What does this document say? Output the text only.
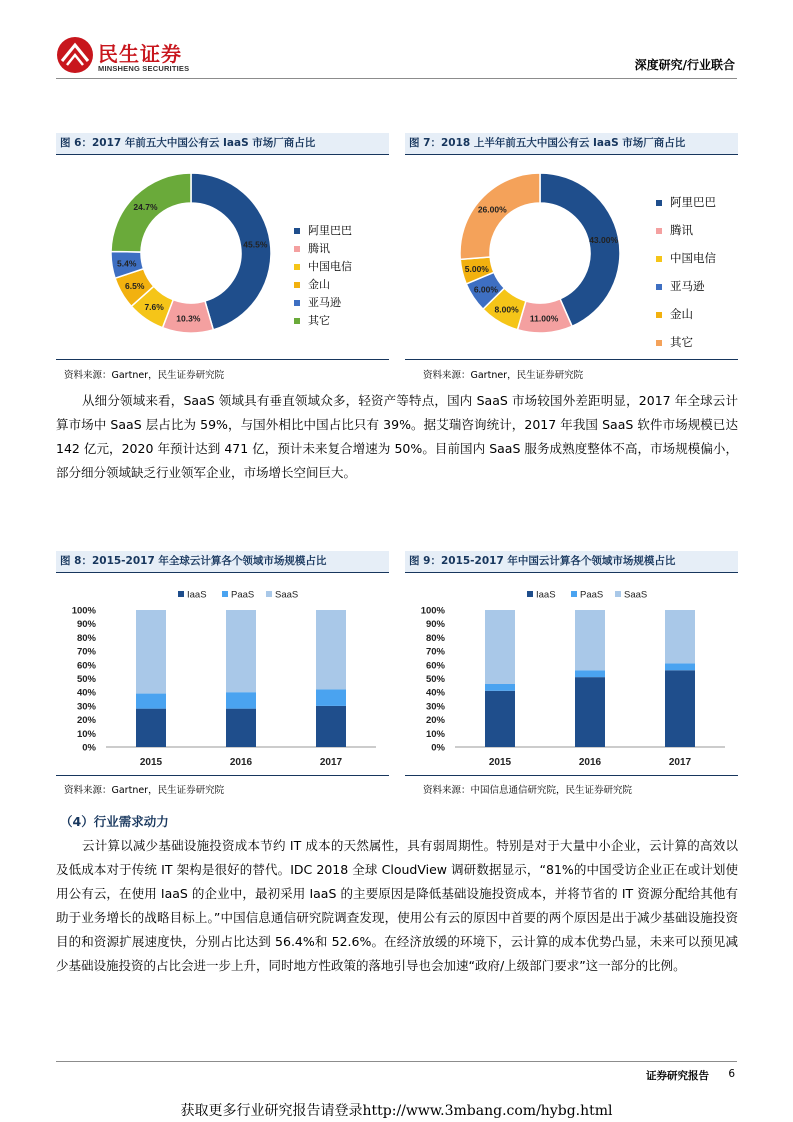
民生证券
MINSHENG SECURITIES	深度研究/行业联合
图 6：2017 年前五大中国公有云 IaaS 市场厂商占比
45.5%
10.3%
7.6%
6.5%
5.4%
24.7%
阿里巴巴
腾讯
中国电信
金山
亚马逊
其它
资料来源：Gartner，民生证券研究院
图 7：2018 上半年前五大中国公有云 IaaS 市场厂商占比
43.00%
11.00%
8.00%
6.00%
5.00%
26.00%
阿里巴巴
腾讯
中国电信
亚马逊
金山
其它
资料来源：Gartner，民生证券研究院
从细分领域来看，SaaS 领域具有垂直领域众多，轻资产等特点，国内 SaaS 市场较国外差距明显，2017 年全球云计算市场中 SaaS 层占比为 59%，与国外相比中国占比只有 39%。据艾瑞咨询统计，2017 年我国 SaaS 软件市场规模已达 142 亿元，2020 年预计达到 471 亿，预计未来复合增速为 50%。目前国内 SaaS 服务成熟度整体不高，市场规模偏小，部分细分领域缺乏行业领军企业，市场增长空间巨大。
图 8：2015-2017 年全球云计算各个领域市场规模占比
IaaS	PaaS SaaS
0%
10%
20%
30%
40%
50%
60%
70%
80%
90%
100%
2015	2016	2017
资料来源：Gartner，民生证券研究院
图 9：2015-2017 年中国云计算各个领域市场规模占比
IaaS	PaaS SaaS
0%
10%
20%
30%
40%
50%
60%
70%
80%
90%
100%
2015	2016	2017
资料来源：中国信息通信研究院，民生证券研究院
（4）行业需求动力
云计算以减少基础设施投资成本节约 IT 成本的天然属性，具有弱周期性。特别是对于大量中小企业，云计算的高效以及低成本对于传统 IT 架构是很好的替代。IDC 2018 全球 CloudView 调研数据显示，“81%的中国受访企业正在或计划使用公有云，在使用 IaaS 的企业中，最初采用 IaaS 的主要原因是降低基础设施投资成本，并将节省的 IT 资源分配给其他有助于业务增长的战略目标上。”中国信息通信研究院调查发现，使用公有云的原因中首要的两个原因是出于减少基础设施投资目的和资源扩展速度快，分别占比达到 56.4%和 52.6%。在经济放缓的环境下，云计算的成本优势凸显，未来可以预见减少基础设施投资的占比会进一步上升，同时地方性政策的落地引导也会加速“政府/上级部门要求”这一部分的比例。
证券研究报告 6
获取更多行业研究报告请登录http://www.3mbang.com/hybg.html
